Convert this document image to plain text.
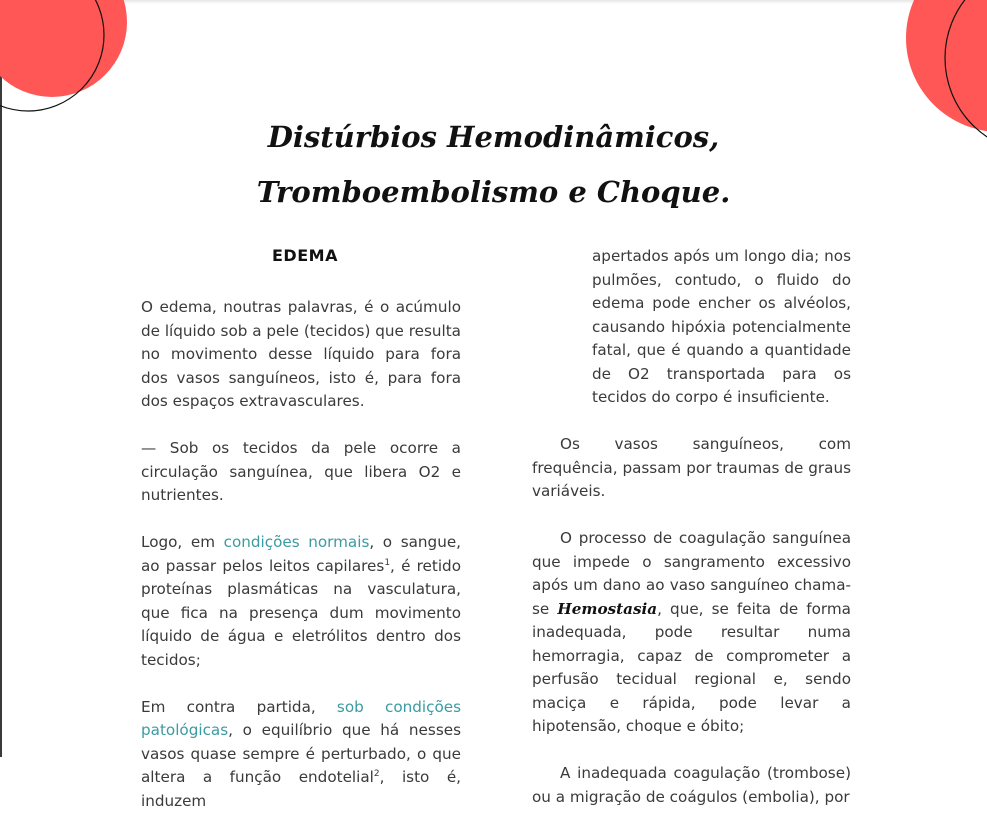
Distúrbios Hemodinâmicos, Tromboembolismo e Choque.
EDEMA

O edema, noutras palavras, é o acúmulo de líquido sob a pele (tecidos) que resulta no movimento desse líquido para fora dos vasos sanguíneos, isto é, para fora dos espaços extravasculares.

— Sob os tecidos da pele ocorre a circulação sanguínea, que libera O2 e nutrientes.

Logo, em condições normais, o sangue, ao passar pelos leitos capilares$^1$, é retido proteínas plasmáticas na vasculatura, que fica na presença dum movimento líquido de água e eletrólitos dentro dos tecidos;

Em contra partida, sob condições patológicas, o equilíbrio que há nesses vasos quase sempre é perturbado, o que altera a função endotelial$^2$, isto é, induzem

apertados após um longo dia; nos pulmões, contudo, o fluido do edema pode encher os alvéolos, causando hipóxia potencialmente fatal, que é quando a quantidade de O2 transportada para os tecidos do corpo é insuficiente.

Os vasos sanguíneos, com frequência, passam por traumas de graus variáveis.

O processo de coagulação sanguínea que impede o sangramento excessivo após um dano ao vaso sanguíneo chama-se Hemostasia, que, se feita de forma inadequada, pode resultar numa hemorragia, capaz de comprometer a perfusão tecidual regional e, sendo maciça e rápida, pode levar a hipotensão, choque e óbito;

A inadequada coagulação (trombose) ou a migração de coágulos (embolia), por
